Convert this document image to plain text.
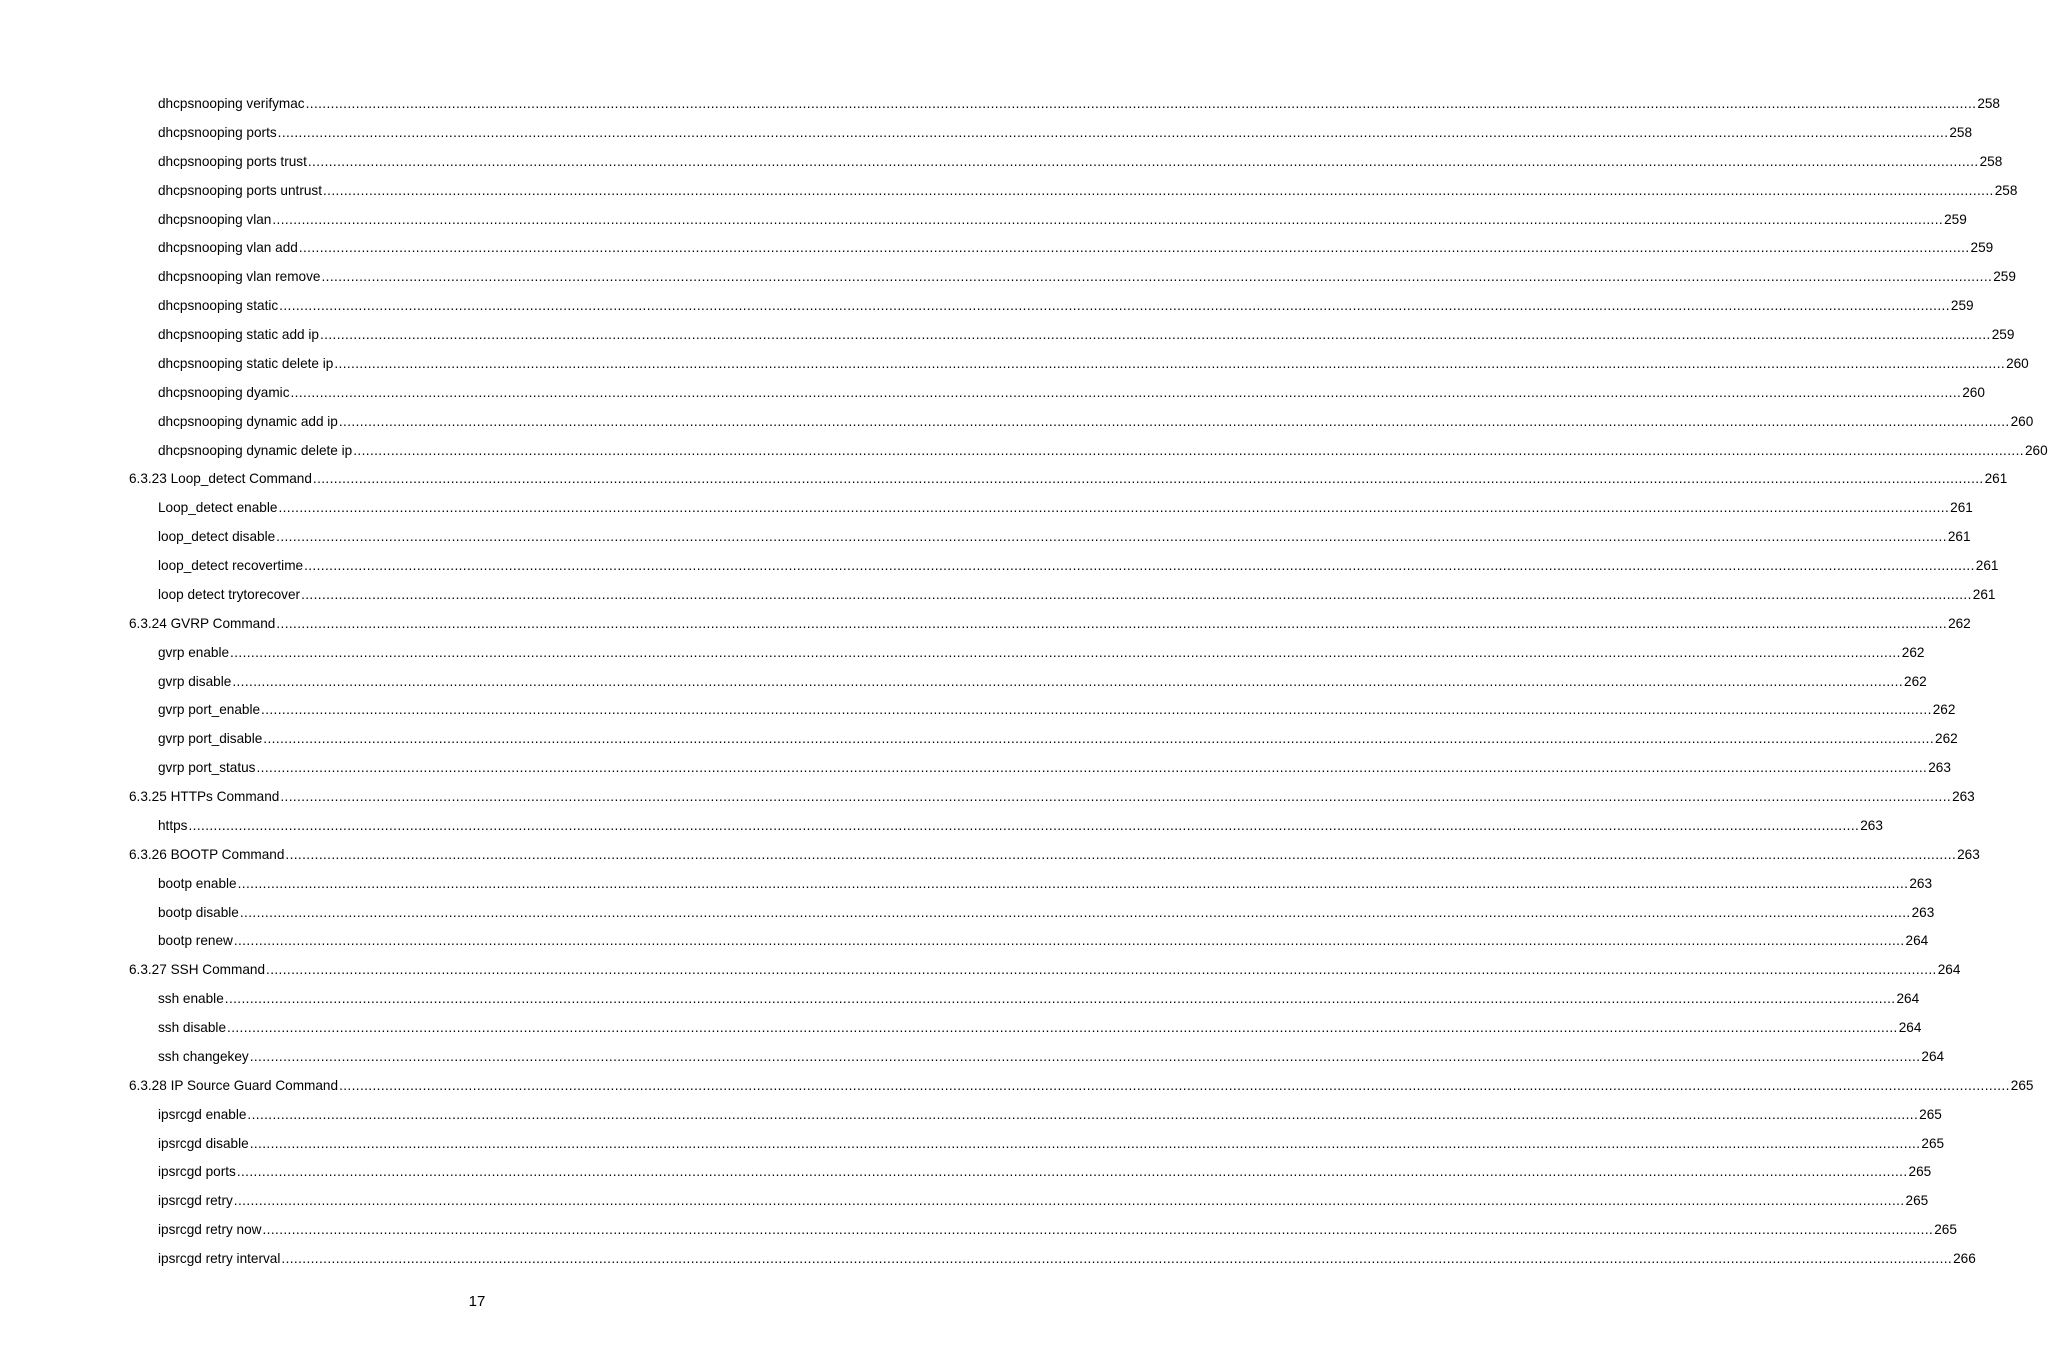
dhcpsnooping verifymac ................................................................................................................................................................................................................................................................................................................................................................................................................ 258
dhcpsnooping ports ................................................................................................................................................................................................................................................................................................................................................................................................................ 258
dhcpsnooping ports trust ................................................................................................................................................................................................................................................................................................................................................................................................................ 258
dhcpsnooping ports untrust ................................................................................................................................................................................................................................................................................................................................................................................................................ 258
dhcpsnooping vlan ................................................................................................................................................................................................................................................................................................................................................................................................................ 259
dhcpsnooping vlan add ................................................................................................................................................................................................................................................................................................................................................................................................................ 259
dhcpsnooping vlan remove ................................................................................................................................................................................................................................................................................................................................................................................................................ 259
dhcpsnooping static ................................................................................................................................................................................................................................................................................................................................................................................................................ 259
dhcpsnooping static add ip ................................................................................................................................................................................................................................................................................................................................................................................................................ 259
dhcpsnooping static delete ip ................................................................................................................................................................................................................................................................................................................................................................................................................ 260
dhcpsnooping dyamic ................................................................................................................................................................................................................................................................................................................................................................................................................ 260
dhcpsnooping dynamic add ip ................................................................................................................................................................................................................................................................................................................................................................................................................ 260
dhcpsnooping dynamic delete ip ................................................................................................................................................................................................................................................................................................................................................................................................................ 260
6.3.23 Loop_detect Command ................................................................................................................................................................................................................................................................................................................................................................................................................ 261
Loop_detect enable ................................................................................................................................................................................................................................................................................................................................................................................................................ 261
loop_detect disable ................................................................................................................................................................................................................................................................................................................................................................................................................ 261
loop_detect recovertime ................................................................................................................................................................................................................................................................................................................................................................................................................ 261
loop detect trytorecover ................................................................................................................................................................................................................................................................................................................................................................................................................ 261
6.3.24 GVRP Command ................................................................................................................................................................................................................................................................................................................................................................................................................ 262
gvrp enable ................................................................................................................................................................................................................................................................................................................................................................................................................ 262
gvrp disable ................................................................................................................................................................................................................................................................................................................................................................................................................ 262
gvrp port_enable ................................................................................................................................................................................................................................................................................................................................................................................................................ 262
gvrp port_disable ................................................................................................................................................................................................................................................................................................................................................................................................................ 262
gvrp port_status ................................................................................................................................................................................................................................................................................................................................................................................................................ 263
6.3.25 HTTPs Command ................................................................................................................................................................................................................................................................................................................................................................................................................ 263
https ................................................................................................................................................................................................................................................................................................................................................................................................................ 263
6.3.26 BOOTP Command ................................................................................................................................................................................................................................................................................................................................................................................................................ 263
bootp enable ................................................................................................................................................................................................................................................................................................................................................................................................................ 263
bootp disable ................................................................................................................................................................................................................................................................................................................................................................................................................ 263
bootp renew ................................................................................................................................................................................................................................................................................................................................................................................................................ 264
6.3.27 SSH Command ................................................................................................................................................................................................................................................................................................................................................................................................................ 264
ssh enable ................................................................................................................................................................................................................................................................................................................................................................................................................ 264
ssh disable ................................................................................................................................................................................................................................................................................................................................................................................................................ 264
ssh changekey ................................................................................................................................................................................................................................................................................................................................................................................................................ 264
6.3.28 IP Source Guard Command ................................................................................................................................................................................................................................................................................................................................................................................................................ 265
ipsrcgd enable ................................................................................................................................................................................................................................................................................................................................................................................................................ 265
ipsrcgd disable ................................................................................................................................................................................................................................................................................................................................................................................................................ 265
ipsrcgd ports ................................................................................................................................................................................................................................................................................................................................................................................................................ 265
ipsrcgd retry ................................................................................................................................................................................................................................................................................................................................................................................................................ 265
ipsrcgd retry now ................................................................................................................................................................................................................................................................................................................................................................................................................ 265
ipsrcgd retry interval ................................................................................................................................................................................................................................................................................................................................................................................................................ 266
17
